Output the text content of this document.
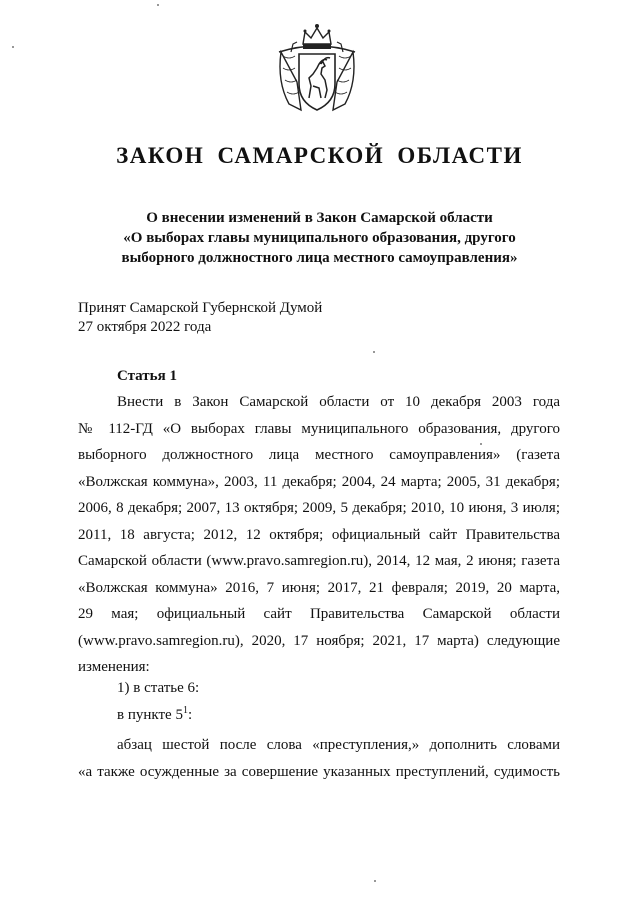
ЗАКОН САМАРСКОЙ ОБЛАСТИ
О внесении изменений в Закон Самарской области
«О выборах главы муниципального образования, другого
выборного должностного лица местного самоуправления»
Принят Самарской Губернской Думой
27 октября 2022 года
Статья 1
Внести в Закон Самарской области от 10 декабря 2003 года
№ 112-ГД «О выборах главы муниципального образования, другого
выборного должностного лица местного самоуправления» (газета
«Волжская коммуна», 2003, 11 декабря; 2004, 24 марта; 2005, 31 декабря;
2006, 8 декабря; 2007, 13 октября; 2009, 5 декабря; 2010, 10 июня, 3 июля;
2011, 18 августа; 2012, 12 октября; официальный сайт Правительства
Самарской области (www.pravo.samregion.ru), 2014, 12 мая, 2 июня; газета
«Волжская коммуна» 2016, 7 июня; 2017, 21 февраля; 2019, 20 марта,
29 мая; официальный сайт Правительства Самарской области
(www.pravo.samregion.ru), 2020, 17 ноября; 2021, 17 марта) следующие
изменения:
1) в статье 6:
в пункте $5^1$:
абзац шестой после слова «преступления,» дополнить словами
«а также осужденные за совершение указанных преступлений, судимость
